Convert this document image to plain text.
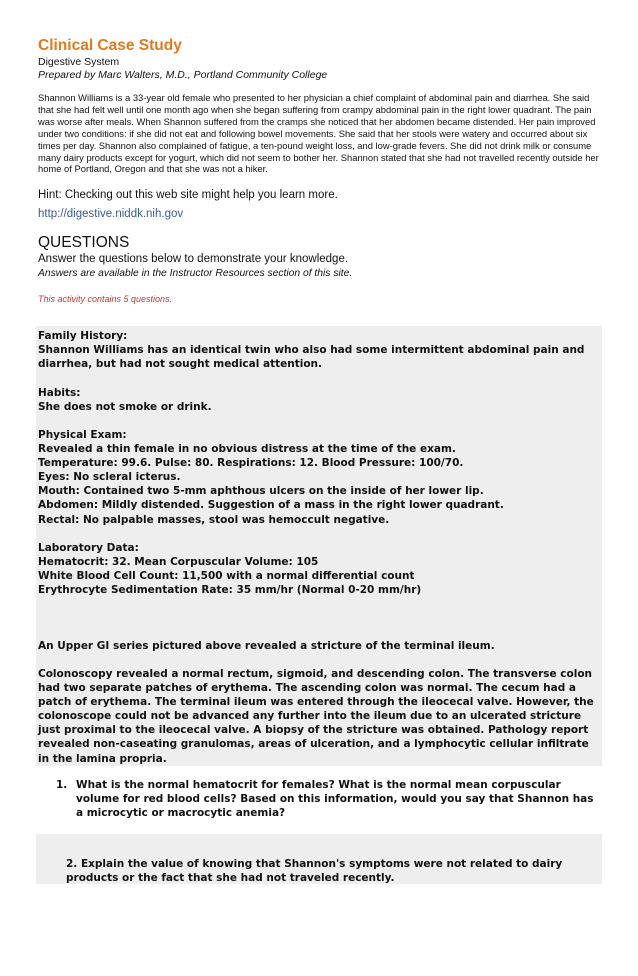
Clinical Case Study
Digestive System
Prepared by Marc Walters, M.D., Portland Community College

Shannon Williams is a 33-year old female who presented to her physician a chief complaint of abdominal pain and diarrhea. She said that she had felt well until one month ago when she began suffering from crampy abdominal pain in the right lower quadrant. The pain was worse after meals. When Shannon suffered from the cramps she noticed that her abdomen became distended. Her pain improved under two conditions: if she did not eat and following bowel movements. She said that her stools were watery and occurred about six times per day. Shannon also complained of fatigue, a ten-pound weight loss, and low-grade fevers. She did not drink milk or consume many dairy products except for yogurt, which did not seem to bother her. Shannon stated that she had not travelled recently outside her home of Portland, Oregon and that she was not a hiker.

Hint: Checking out this web site might help you learn more.
http://digestive.niddk.nih.gov
QUESTIONS
Answer the questions below to demonstrate your knowledge.
Answers are available in the Instructor Resources section of this site.
This activity contains 5 questions.
Family History:
Shannon Williams has an identical twin who also had some intermittent abdominal pain and diarrhea, but had not sought medical attention.
Habits:
She does not smoke or drink.
Physical Exam:
Revealed a thin female in no obvious distress at the time of the exam.
Temperature: 99.6. Pulse: 80. Respirations: 12. Blood Pressure: 100/70.
Eyes: No scleral icterus.
Mouth: Contained two 5-mm aphthous ulcers on the inside of her lower lip.
Abdomen: Mildly distended. Suggestion of a mass in the right lower quadrant.
Rectal: No palpable masses, stool was hemoccult negative.
Laboratory Data:
Hematocrit: 32. Mean Corpuscular Volume: 105
White Blood Cell Count: 11,500 with a normal differential count
Erythrocyte Sedimentation Rate: 35 mm/hr (Normal 0-20 mm/hr)
An Upper GI series pictured above revealed a stricture of the terminal ileum.
Colonoscopy revealed a normal rectum, sigmoid, and descending colon. The transverse colon had two separate patches of erythema. The ascending colon was normal. The cecum had a patch of erythema. The terminal ileum was entered through the ileocecal valve. However, the colonoscope could not be advanced any further into the ileum due to an ulcerated stricture just proximal to the ileocecal valve. A biopsy of the stricture was obtained. Pathology report revealed non-caseating granulomas, areas of ulceration, and a lymphocytic cellular infiltrate in the lamina propria.
1. What is the normal hematocrit for females? What is the normal mean corpuscular volume for red blood cells? Based on this information, would you say that Shannon has a microcytic or macrocytic anemia?
2. Explain the value of knowing that Shannon's symptoms were not related to dairy products or the fact that she had not traveled recently.
